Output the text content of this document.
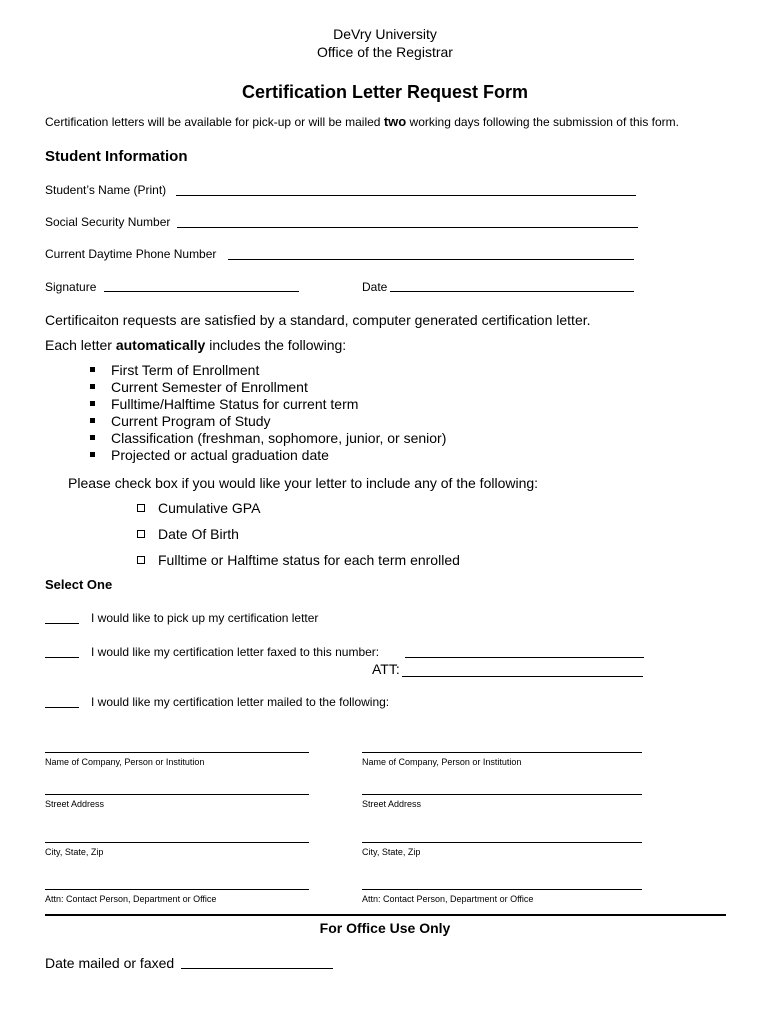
DeVry University
Office of the Registrar
Certification Letter Request Form
Certification letters will be available for pick-up or will be mailed two working days following the submission of this form.
Student Information
Student’s Name (Print)
Social Security Number
Current Daytime Phone Number
Signature	Date
Certificaiton requests are satisfied by a standard, computer generated certification letter.
Each letter automatically includes the following:
First Term of Enrollment
Current Semester of Enrollment
Fulltime/Halftime Status for current term
Current Program of Study
Classification (freshman, sophomore, junior, or senior)
Projected or actual graduation date
Please check box if you would like your letter to include any of the following:
Cumulative GPA
Date Of Birth
Fulltime or Halftime status for each term enrolled
Select One
I would like to pick up my certification letter
I would like my certification letter faxed to this number:
ATT:
I would like my certification letter mailed to the following:
Name of Company, Person or Institution
Street Address
City, State, Zip
Attn: Contact Person, Department or Office
Name of Company, Person or Institution
Street Address
City, State, Zip
Attn: Contact Person, Department or Office
For Office Use Only
Date mailed or faxed
